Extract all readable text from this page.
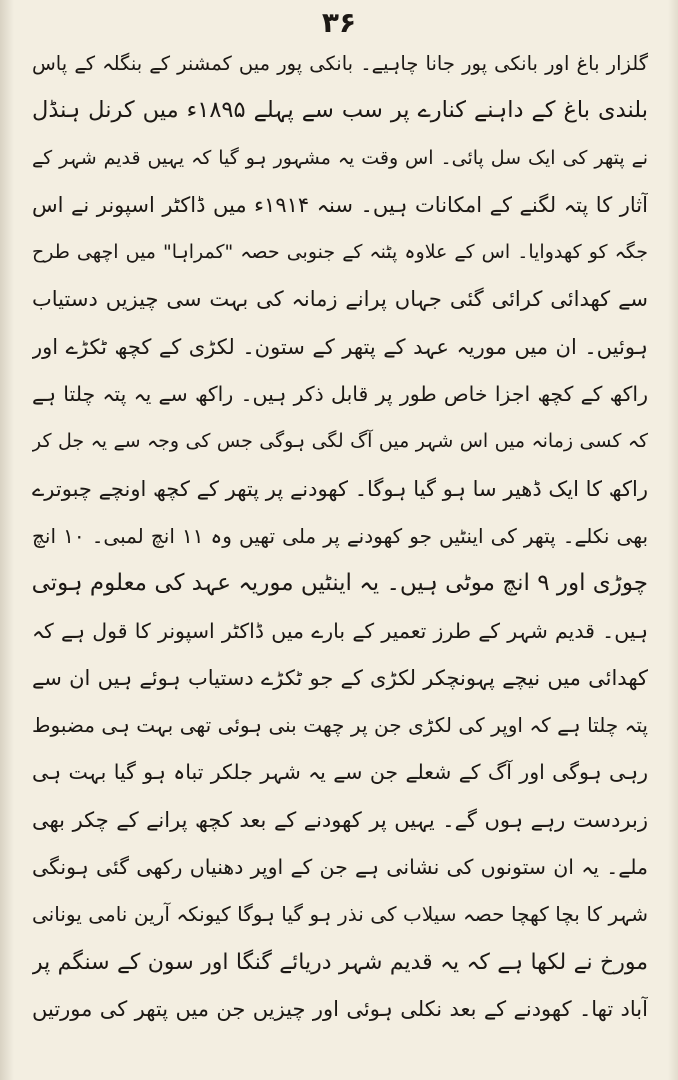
۳۶
گلزار باغ اور بانکی پور جانا چاہیے۔ بانکی پور میں کمشنر کے بنگلہ کے پاس
بلندی باغ کے داہنے کنارے پر سب سے پہلے ۱۸۹۵ء میں کرنل ہنڈل
نے پتھر کی ایک سل پائی۔ اس وقت یہ مشہور ہو گیا کہ یہیں قدیم شہر کے
آثار کا پتہ لگنے کے امکانات ہیں۔ سنہ ۱۹۱۴ء میں ڈاکٹر اسپونر نے اس
جگہ کو کھدوایا۔ اس کے علاوہ پٹنہ کے جنوبی حصہ "کمراہا" میں اچھی طرح
سے کھدائی کرائی گئی جہاں پرانے زمانہ کی بہت سی چیزیں دستیاب
ہوئیں۔ ان میں موریہ عہد کے پتھر کے ستون۔ لکڑی کے کچھ ٹکڑے اور
راکھ کے کچھ اجزا خاص طور پر قابل ذکر ہیں۔ راکھ سے یہ پتہ چلتا ہے
کہ کسی زمانہ میں اس شہر میں آگ لگی ہوگی جس کی وجہ سے یہ جل کر
راکھ کا ایک ڈھیر سا ہو گیا ہوگا۔ کھودنے پر پتھر کے کچھ اونچے چبوترے
بھی نکلے۔ پتھر کی اینٹیں جو کھودنے پر ملی تھیں وہ ۱۱ انچ لمبی۔ ۱۰ انچ
چوڑی اور ۹ انچ موٹی ہیں۔ یہ اینٹیں موریہ عہد کی معلوم ہوتی
ہیں۔ قدیم شہر کے طرز تعمیر کے بارے میں ڈاکٹر اسپونر کا قول ہے کہ
کھدائی میں نیچے پہونچکر لکڑی کے جو ٹکڑے دستیاب ہوئے ہیں ان سے
پتہ چلتا ہے کہ اوپر کی لکڑی جن پر چھت بنی ہوئی تھی بہت ہی مضبوط
رہی ہوگی اور آگ کے شعلے جن سے یہ شہر جلکر تباہ ہو گیا بہت ہی
زبردست رہے ہوں گے۔ یہیں پر کھودنے کے بعد کچھ پرانے کے چکر بھی
ملے۔ یہ ان ستونوں کی نشانی ہے جن کے اوپر دھنیاں رکھی گئی ہونگی
شہر کا بچا کھچا حصہ سیلاب کی نذر ہو گیا ہوگا کیونکہ آرین نامی یونانی
مورخ نے لکھا ہے کہ یہ قدیم شہر دریائے گنگا اور سون کے سنگم پر
آباد تھا۔ کھودنے کے بعد نکلی ہوئی اور چیزیں جن میں پتھر کی مورتیں
